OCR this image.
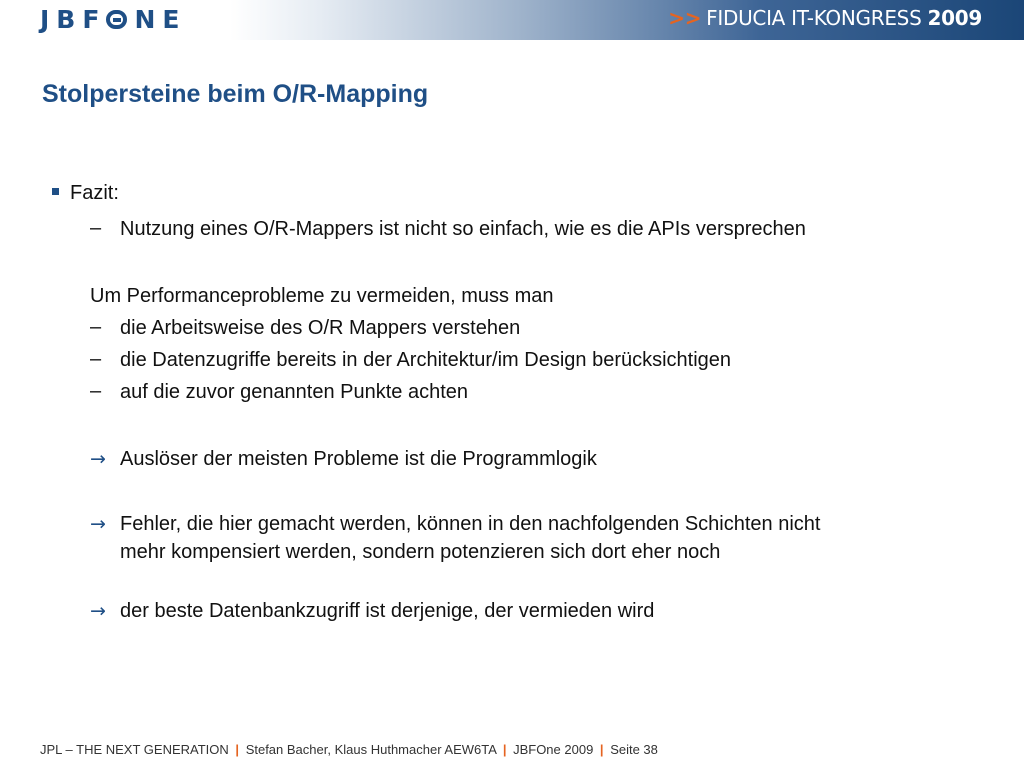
JBF NE	>> FIDUCIA IT-KONGRESS 2009
Stolpersteine beim O/R-Mapping
Fazit:
– Nutzung eines O/R-Mappers ist nicht so einfach, wie es die APIs versprechen
Um Performanceprobleme zu vermeiden, muss man
– die Arbeitsweise des O/R Mappers verstehen
– die Datenzugriffe bereits in der Architektur/im Design berücksichtigen
– auf die zuvor genannten Punkte achten
→ Auslöser der meisten Probleme ist die Programmlogik
→ Fehler, die hier gemacht werden, können in den nachfolgenden Schichten nicht
mehr kompensiert werden, sondern potenzieren sich dort eher noch
→ der beste Datenbankzugriff ist derjenige, der vermieden wird
JPL – THE NEXT GENERATION | Stefan Bacher, Klaus Huthmacher AEW6TA | JBFOne 2009 | Seite 38
